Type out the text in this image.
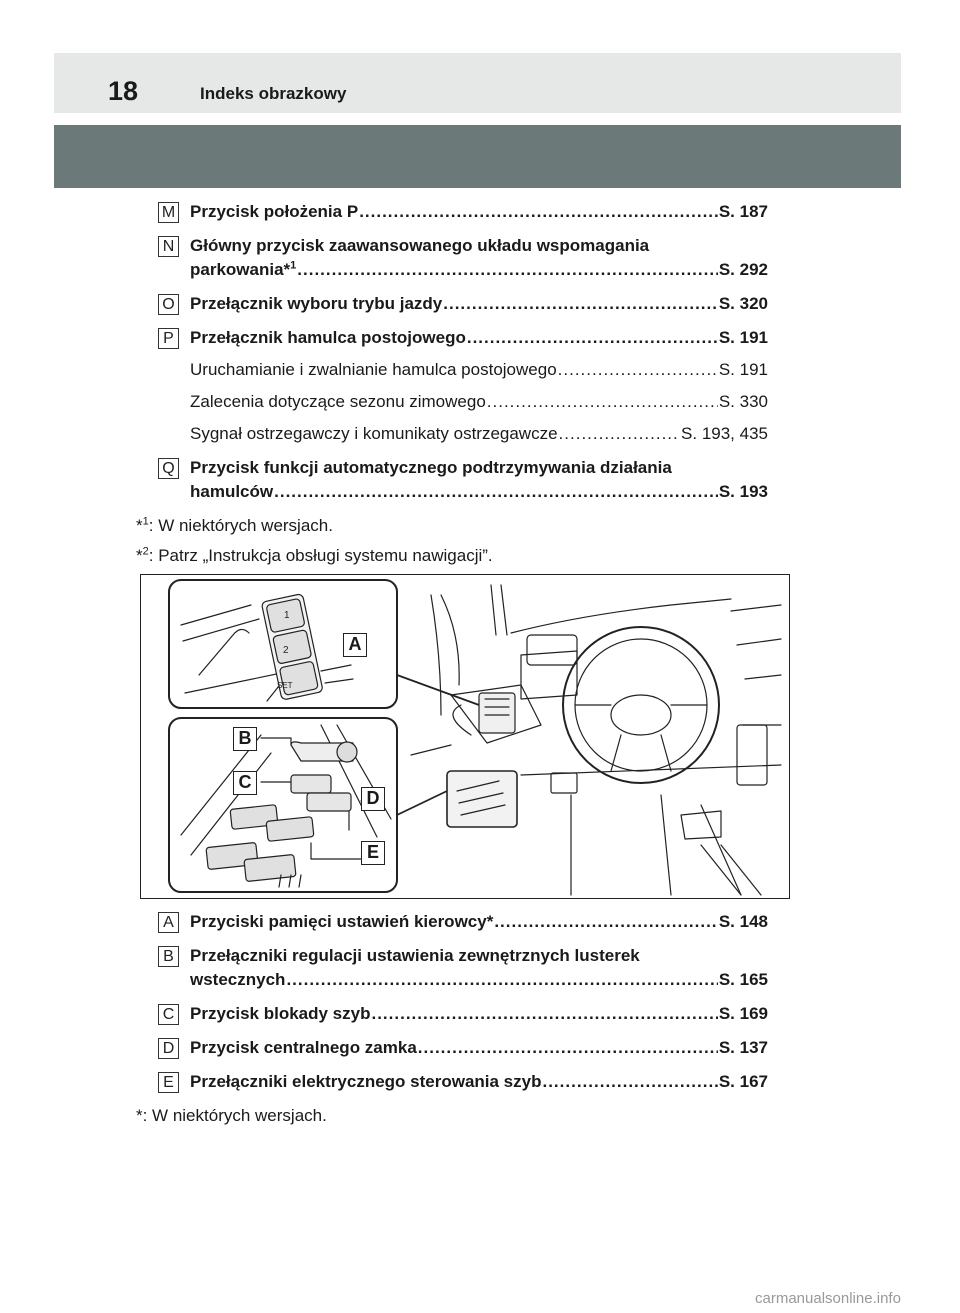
18	Indeks obrazkowy
M Przycisk położenia P .....	S. 187
N Główny przycisk zaawansowanego układu wspomagania
parkowania*$^1$ .....	S. 292
O Przełącznik wyboru trybu jazdy .....	S. 320
P Przełącznik hamulca postojowego .....	S. 191
Uruchamianie i zwalnianie hamulca postojowego .....	S. 191
Zalecenia dotyczące sezonu zimowego .....	S. 330
Sygnał ostrzegawczy i komunikaty ostrzegawcze .....	S. 193, 435
Q Przycisk funkcji automatycznego podtrzymywania działania
hamulców .....	S. 193
*$^1$: W niektórych wersjach.
*$^2$: Patrz „Instrukcja obsługi systemu nawigacji”.
1
2
SET
A
B
C
D
E
A Przyciski pamięci ustawień kierowcy* .....	S. 148
B Przełączniki regulacji ustawienia zewnętrznych lusterek
wstecznych .....	S. 165
C Przycisk blokady szyb .....	S. 169
D Przycisk centralnego zamka .....	S. 137
E Przełączniki elektrycznego sterowania szyb .....	S. 167
*: W niektórych wersjach.
carmanualsonline.info
